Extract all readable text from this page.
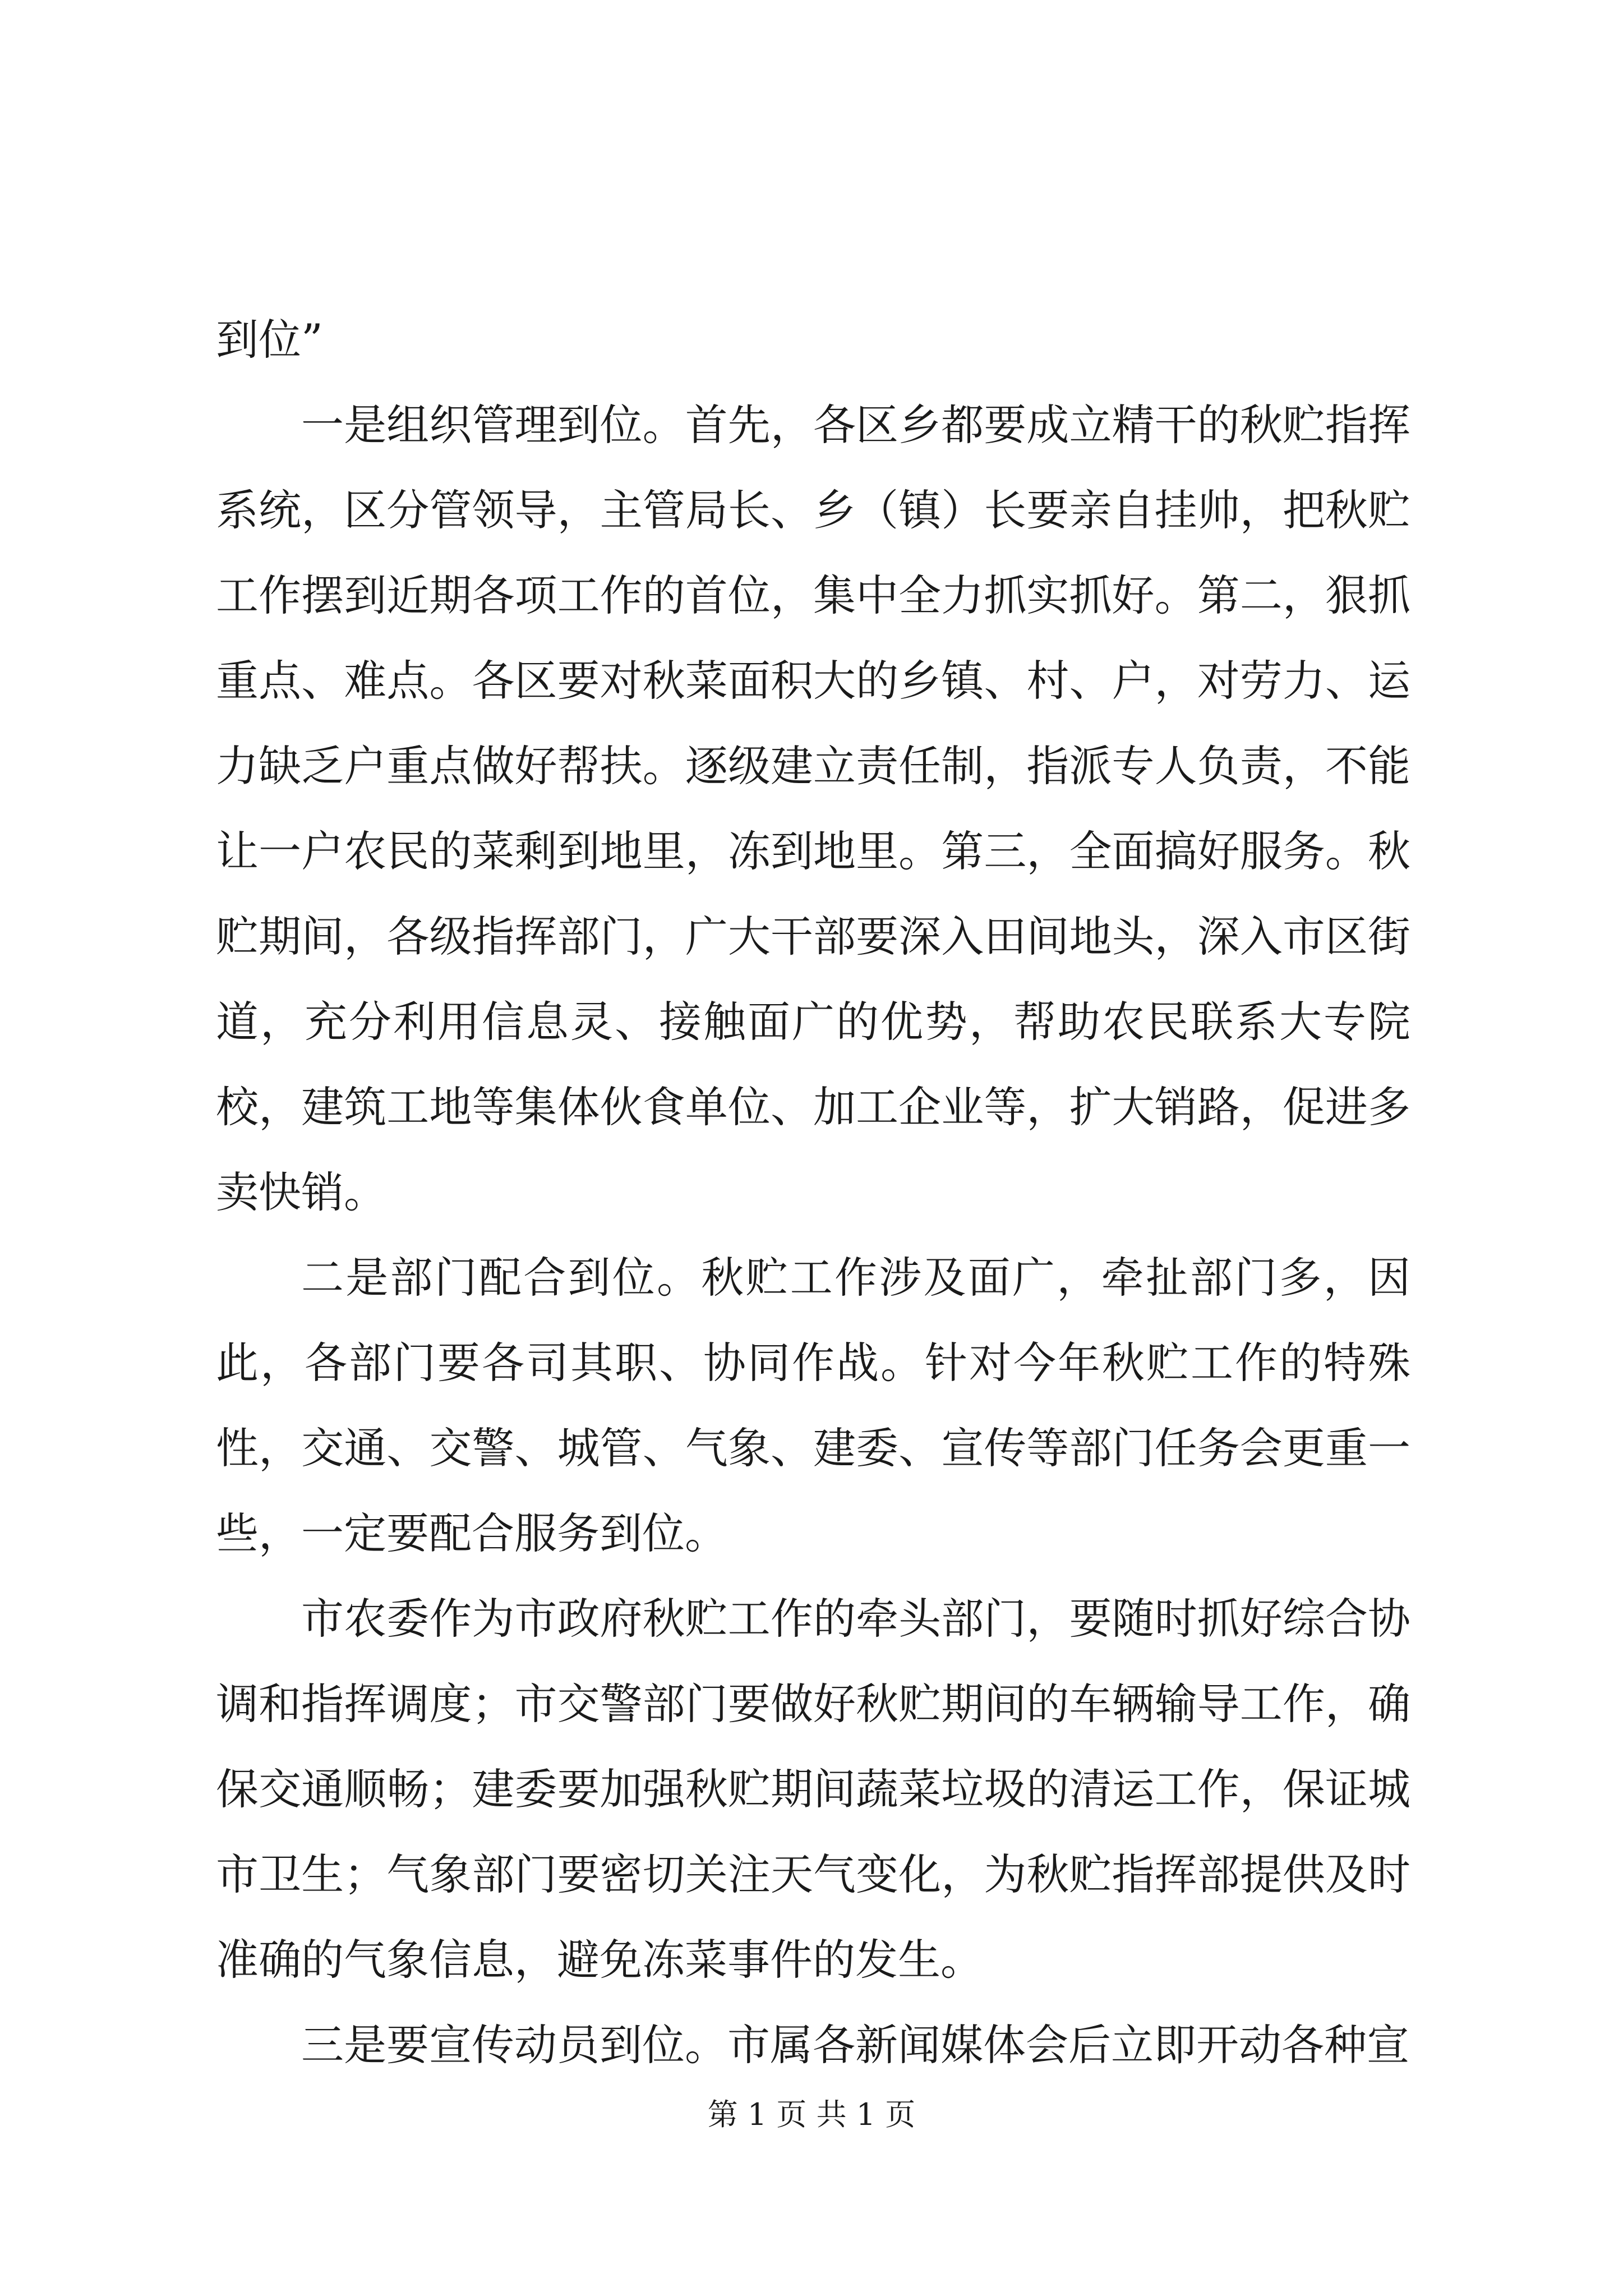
到位”

一是组织管理到位。首先，各区乡都要成立精干的秋贮指挥系统，区分管领导，主管局长、乡（镇）长要亲自挂帅，把秋贮工作摆到近期各项工作的首位，集中全力抓实抓好。第二，狠抓重点、难点。各区要对秋菜面积大的乡镇、村、户，对劳力、运力缺乏户重点做好帮扶。逐级建立责任制，指派专人负责，不能让一户农民的菜剩到地里，冻到地里。第三，全面搞好服务。秋贮期间，各级指挥部门，广大干部要深入田间地头，深入市区街道，充分利用信息灵、接触面广的优势，帮助农民联系大专院校，建筑工地等集体伙食单位、加工企业等，扩大销路，促进多卖快销。

二是部门配合到位。秋贮工作涉及面广，牵扯部门多，因此，各部门要各司其职、协同作战。针对今年秋贮工作的特殊性，交通、交警、城管、气象、建委、宣传等部门任务会更重一些，一定要配合服务到位。

市农委作为市政府秋贮工作的牵头部门，要随时抓好综合协调和指挥调度；市交警部门要做好秋贮期间的车辆输导工作，确保交通顺畅；建委要加强秋贮期间蔬菜垃圾的清运工作，保证城市卫生；气象部门要密切关注天气变化，为秋贮指挥部提供及时准确的气象信息，避免冻菜事件的发生。

三是要宣传动员到位。市属各新闻媒体会后立即开动各种宣

第 1 页 共 1 页
